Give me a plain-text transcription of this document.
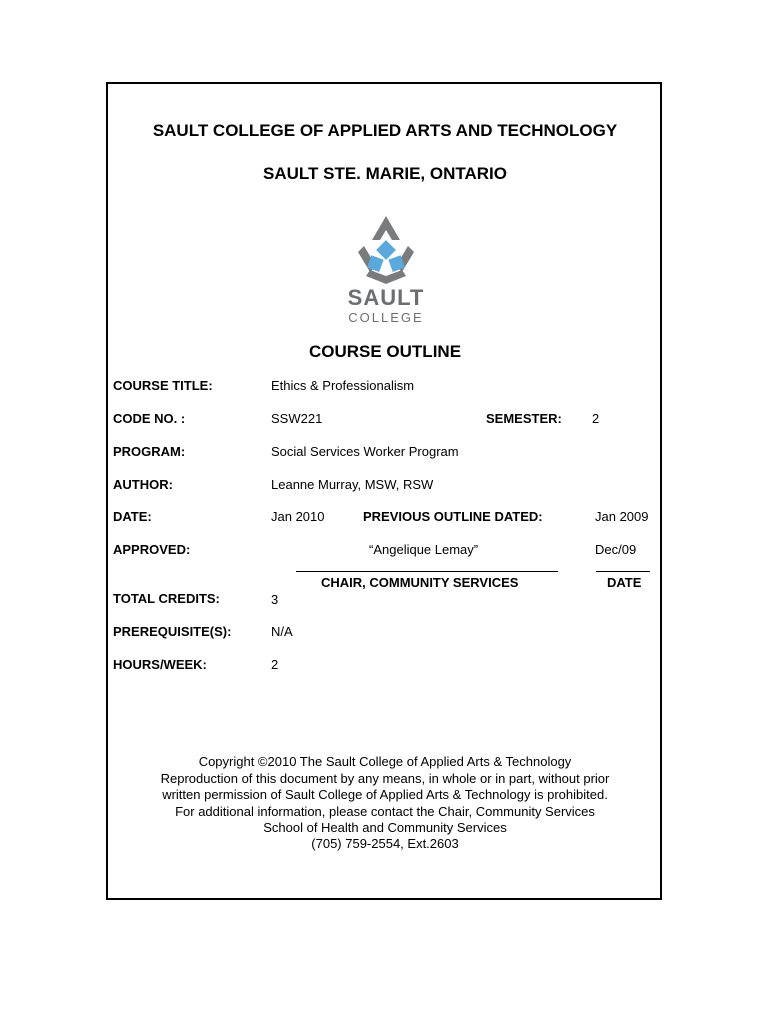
SAULT COLLEGE OF APPLIED ARTS AND TECHNOLOGY
SAULT STE. MARIE, ONTARIO
SAULT
COLLEGE
COURSE OUTLINE
COURSE TITLE:	Ethics & Professionalism
CODE NO. :	SSW221	SEMESTER: 2
PROGRAM:	Social Services Worker Program
AUTHOR:	Leanne Murray, MSW, RSW
DATE:	Jan 2010	PREVIOUS OUTLINE DATED:	Jan 2009
APPROVED:	“Angelique Lemay”	Dec/09
CHAIR, COMMUNITY SERVICES	DATE
TOTAL CREDITS:	3
PREREQUISITE(S):	N/A
HOURS/WEEK:	2
Copyright ©2010 The Sault College of Applied Arts & Technology
Reproduction of this document by any means, in whole or in part, without prior
written permission of Sault College of Applied Arts & Technology is prohibited.
For additional information, please contact the Chair, Community Services
School of Health and Community Services
(705) 759-2554, Ext.2603
